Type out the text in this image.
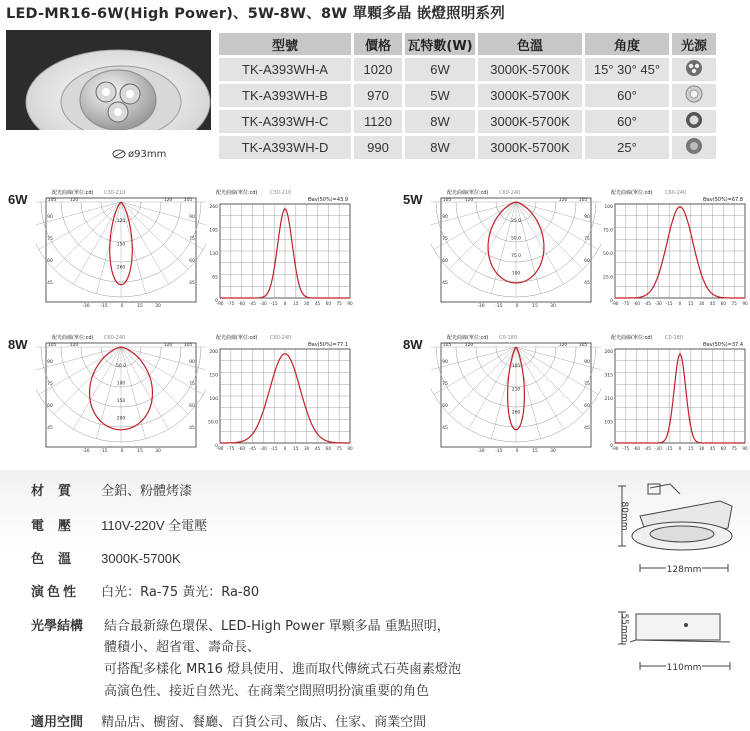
LED-MR16-6W(High Power)、5W-8W、8W 單顆多晶 嵌燈照明系列
ø93mm
型號	價格	瓦特數(W)	色溫	角度	光源
TK-A393WH-A	1020	6W	3000K-5700K	15° 30° 45°	
TK-A393WH-B	970	5W	3000K-5700K	60°	
TK-A393WH-C	1120	8W	3000K-5700K	60°	
TK-A393WH-D	990	8W	3000K-5700K	25°	
6W	配光曲線(單位:cd) C30-210
105	120	120	105
90
75
60
45
90
75
60
45
-30 -15	0	15	30
120
150
260
配光曲線(單位:cd) C30-210
Θav(50%)=43.9
260
195
130
65
0
-90 -75 -60 -45 -30 -15 0 15 30 45 60 75 90
5W	配光曲線(單位:cd) C60-240
105	120	120	105
90
75
60
45
90
75
60
45
-30 -15	0	15	30
25.0
50.0
75.0
100
配光曲線(單位:cd) C60-240
Θav(50%)=67.8
100
75.0
50.0
25.0
0
-90 -75 -60 -45 -30 -15 0 15 30 45 60 75 90
8W	配光曲線(單位:cd) C60-240
105	120	120	105
90
75
60
45
90
75
60
45
-30 -15	0	15	30
50.0
100
150
200
配光曲線(單位:cd) C60-240
Θav(50%)=77.1
200
150
100
50.0
0
-90 -75 -60 -45 -30 -15 0 15 30 45 60 75 90
8W	配光曲線(單位:cd) C0-180
105	120	120	105
90
75
60
45
90
75
60
45
-30 -15	0	15	30
105
210
260
配光曲線(單位:cd) C0-180
Θav(50%)=37.4
260
315
210
105
0
-90 -75 -60 -45 -30 -15 0 15 30 45 60 75 90
材質 全鋁、粉體烤漆
電壓 110V-220V 全電壓
色溫 3000K-5700K
演色性 白光：Ra-75 黃光：Ra-80
光學結構	結合最新綠色環保、LED-High Power 單顆多晶 重點照明，
體積小、超省電、壽命長、
可搭配多樣化 MR16 燈具使用、進而取代傳統式石英鹵素燈泡
高演色性、接近自然光、在商業空間照明扮演重要的角色
適用空間 精品店、櫥窗、餐廳、百貨公司、飯店、住家、商業空間
128mm
80mm
110mm
55mm
